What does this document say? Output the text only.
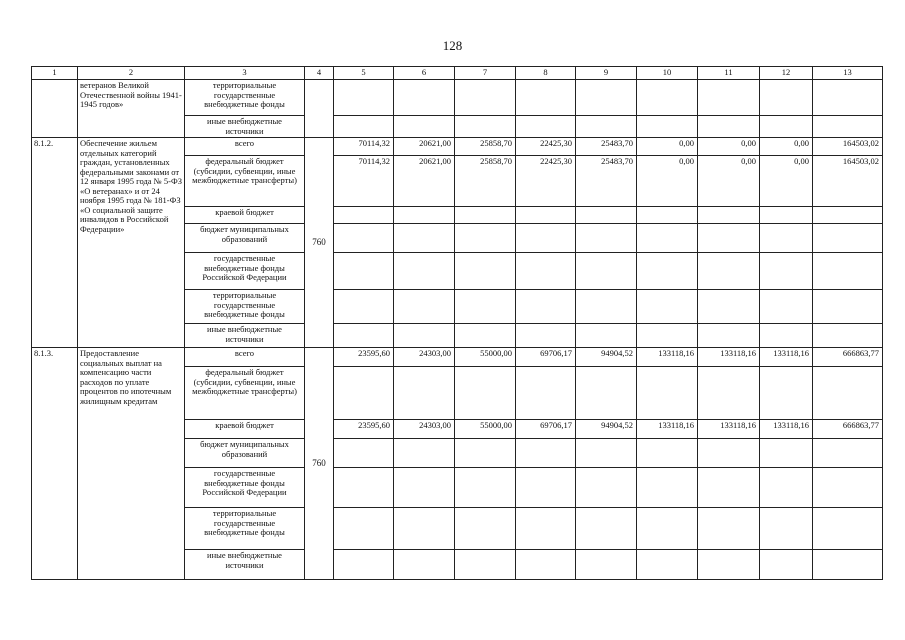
128
1	2	3	4	5	6	7	8	9	10	11	12	13
	ветеранов Великой Отечественной войны 1941-1945 годов»	территориальные государственные внебюджетные фонды										
		иные внебюджетные источники										
8.1.2.	Обеспечение жильем отдельных категорий граждан, установленных федеральными законами от 12 января 1995 года № 5-ФЗ «О ветеранах» и от 24 ноября 1995 года № 181-ФЗ «О социальной защите инвалидов в Российской Федерации»	всего	760	70114,32	20621,00	25858,70	22425,30	25483,70	0,00	0,00	0,00	164503,02
		федеральный бюджет (субсидии, субвенции, иные межбюджетные трансферты)		70114,32	20621,00	25858,70	22425,30	25483,70	0,00	0,00	0,00	164503,02
		краевой бюджет										
		бюджет муниципальных образований										
		государственные внебюджетные фонды Российской Федерации										
		территориальные государственные внебюджетные фонды										
		иные внебюджетные источники										
8.1.3.	Предоставление социальных выплат на компенсацию части расходов по уплате процентов по ипотечным жилищным кредитам	всего	760	23595,60	24303,00	55000,00	69706,17	94904,52	133118,16	133118,16	133118,16	666863,77
		федеральный бюджет (субсидии, субвенции, иные межбюджетные трансферты)										
		краевой бюджет		23595,60	24303,00	55000,00	69706,17	94904,52	133118,16	133118,16	133118,16	666863,77
		бюджет муниципальных образований										
		государственные внебюджетные фонды Российской Федерации										
		территориальные государственные внебюджетные фонды										
		иные внебюджетные источники										
